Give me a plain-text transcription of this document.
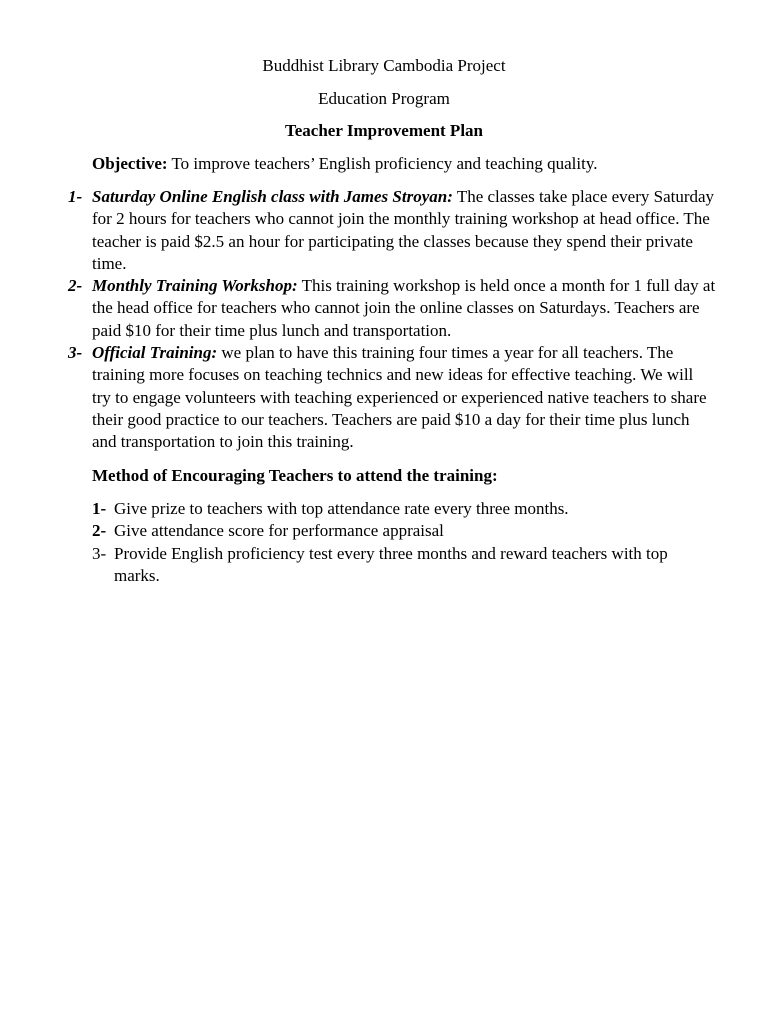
Buddhist Library Cambodia Project
Education Program
Teacher Improvement Plan
Objective: To improve teachers’ English proficiency and teaching quality.
1- Saturday Online English class with James Stroyan: The classes take place every Saturday for 2 hours for teachers who cannot join the monthly training workshop at head office. The teacher is paid $2.5 an hour for participating the classes because they spend their private time.
2- Monthly Training Workshop: This training workshop is held once a month for 1 full day at the head office for teachers who cannot join the online classes on Saturdays. Teachers are paid $10 for their time plus lunch and transportation.
3- Official Training: we plan to have this training four times a year for all teachers. The training more focuses on teaching technics and new ideas for effective teaching. We will try to engage volunteers with teaching experienced or experienced native teachers to share their good practice to our teachers. Teachers are paid $10 a day for their time plus lunch and transportation to join this training.
Method of Encouraging Teachers to attend the training:
1- Give prize to teachers with top attendance rate every three months.
2- Give attendance score for performance appraisal
3- Provide English proficiency test every three months and reward teachers with top marks.
